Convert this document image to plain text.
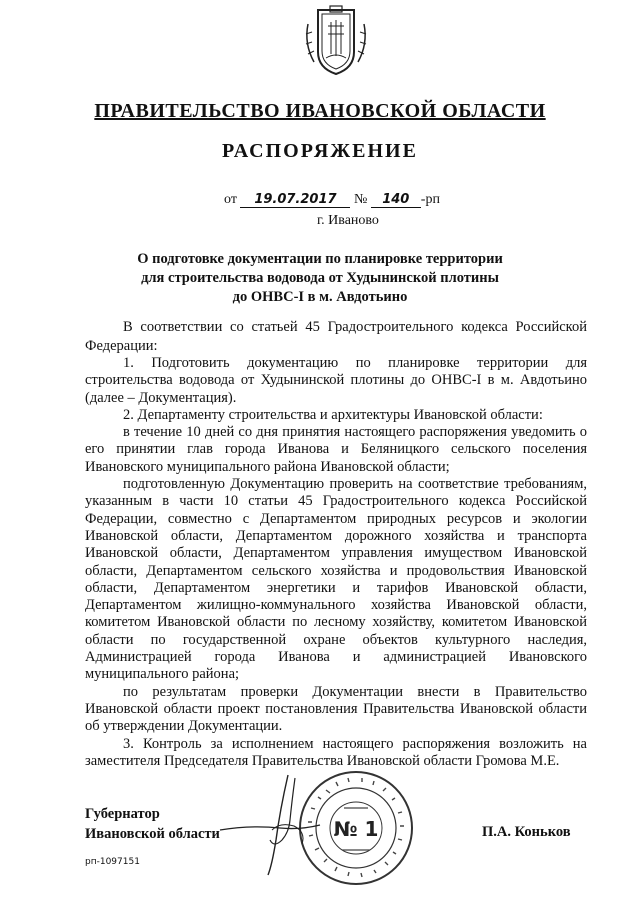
ПРАВИТЕЛЬСТВО ИВАНОВСКОЙ ОБЛАСТИ
РАСПОРЯЖЕНИЕ
от 19.07.2017 № 140 -рп
г. Иваново
О подготовке документации по планировке территории
для строительства водовода от Худынинской плотины
до ОНВС-I в м. Авдотьино

В соответствии со статьей 45 Градостроительного кодекса Российской Федерации:

1. Подготовить документацию по планировке территории для строительства водовода от Худынинской плотины до ОНВС-I в м. Авдотьино (далее – Документация).

2. Департаменту строительства и архитектуры Ивановской области:

в течение 10 дней со дня принятия настоящего распоряжения уведомить о его принятии глав города Иванова и Беляницкого сельского поселения Ивановского муниципального района Ивановской области;

подготовленную Документацию проверить на соответствие требованиям, указанным в части 10 статьи 45 Градостроительного кодекса Российской Федерации, совместно с Департаментом природных ресурсов и экологии Ивановской области, Департаментом дорожного хозяйства и транспорта Ивановской области, Департаментом управления имуществом Ивановской области, Департаментом сельского хозяйства и продовольствия Ивановской области, Департаментом энергетики и тарифов Ивановской области, Департаментом жилищно-коммунального хозяйства Ивановской области, комитетом Ивановской области по лесному хозяйству, комитетом Ивановской области по государственной охране объектов культурного наследия, Администрацией города Иванова и администрацией Ивановского муниципального района;

по результатам проверки Документации внести в Правительство Ивановской области проект постановления Правительства Ивановской области об утверждении Документации.

3. Контроль за исполнением настоящего распоряжения возложить на заместителя Председателя Правительства Ивановской области Громова М.Е.

Губернатор
Ивановской области	П.А. Коньков
№ 1
рп-1097151
